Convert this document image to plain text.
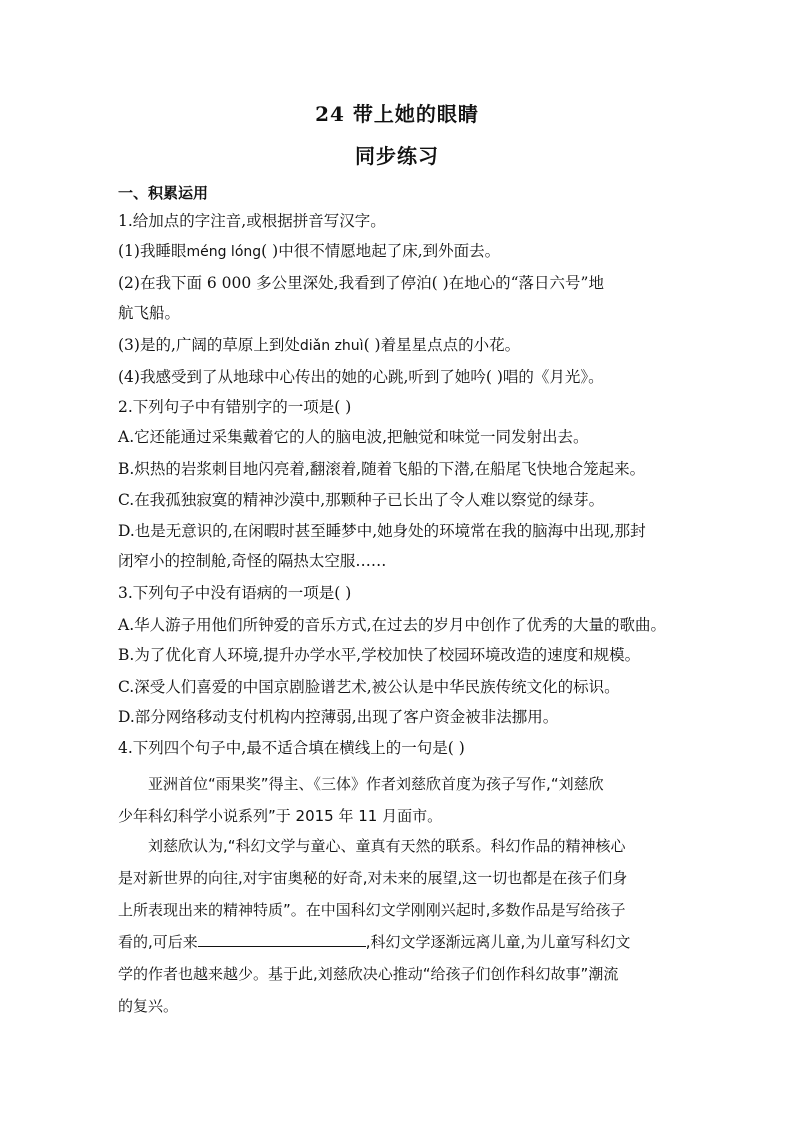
24 带上她的眼睛
同步练习
一、积累运用
1.给加点的字注音,或根据拼音写汉字。
(1)我睡眼méng lóng( )中很不情愿地起了床,到外面去。
(2)在我下面 6 000 多公里深处,我看到了停泊( )在地心的“落日六号”地
航飞船。
(3)是的,广阔的草原上到处diǎn zhuì( )着星星点点的小花。
(4)我感受到了从地球中心传出的她的心跳,听到了她吟( )唱的《月光》。
2.下列句子中有错别字的一项是( )
A.它还能通过采集戴着它的人的脑电波,把触觉和味觉一同发射出去。
B.炽热的岩浆刺目地闪亮着,翻滚着,随着飞船的下潜,在船尾飞快地合笼起来。
C.在我孤独寂寞的精神沙漠中,那颗种子已长出了令人难以察觉的绿芽。
D.也是无意识的,在闲暇时甚至睡梦中,她身处的环境常在我的脑海中出现,那封
闭窄小的控制舱,奇怪的隔热太空服……
3.下列句子中没有语病的一项是( )
A.华人游子用他们所钟爱的音乐方式,在过去的岁月中创作了优秀的大量的歌曲。
B.为了优化育人环境,提升办学水平,学校加快了校园环境改造的速度和规模。
C.深受人们喜爱的中国京剧脸谱艺术,被公认是中华民族传统文化的标识。
D.部分网络移动支付机构内控薄弱,出现了客户资金被非法挪用。
4.下列四个句子中,最不适合填在横线上的一句是( )

亚洲首位“雨果奖”得主、《三体》作者刘慈欣首度为孩子写作,“刘慈欣

少年科幻科学小说系列”于 2015 年 11 月面市。

刘慈欣认为,“科幻文学与童心、童真有天然的联系。科幻作品的精神核心

是对新世界的向往,对宇宙奥秘的好奇,对未来的展望,这一切也都是在孩子们身

上所表现出来的精神特质”。在中国科幻文学刚刚兴起时,多数作品是写给孩子

看的,可后来	,科幻文学逐渐远离儿童,为儿童写科幻文

学的作者也越来越少。基于此,刘慈欣决心推动“给孩子们创作科幻故事”潮流

的复兴。
